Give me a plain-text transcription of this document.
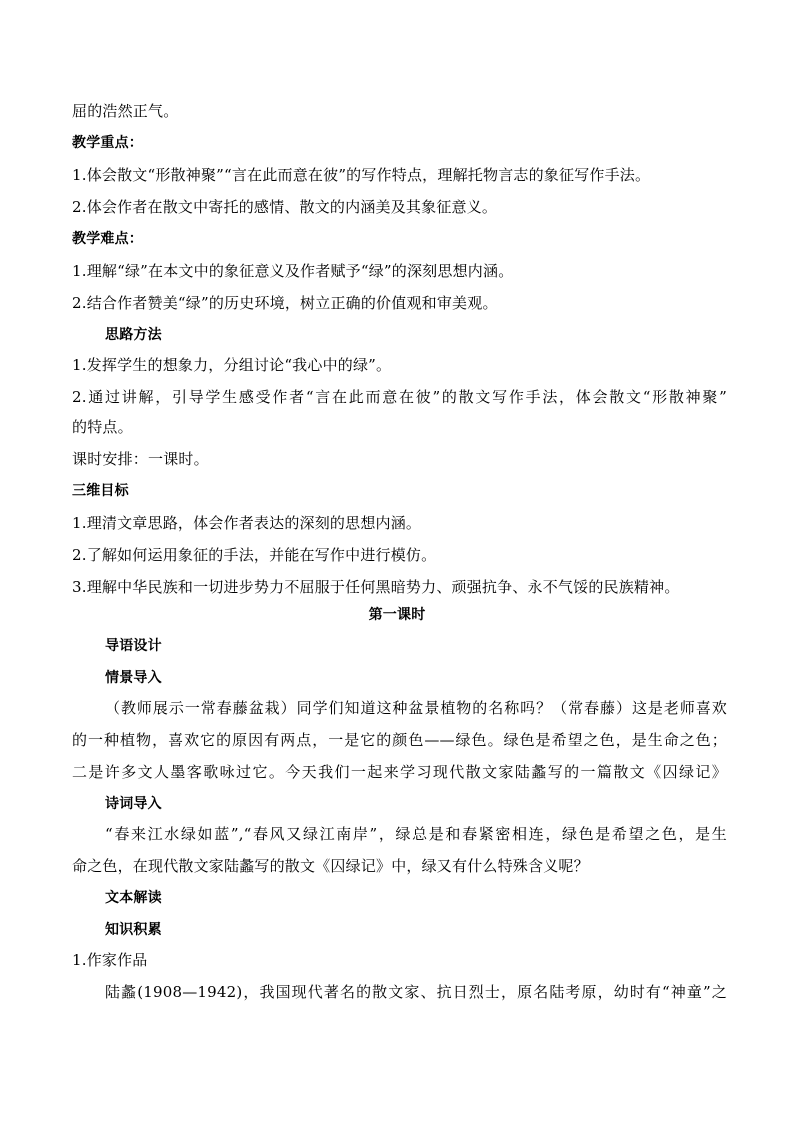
屈的浩然正气。
教学重点：
1.体会散文“形散神聚”“言在此而意在彼”的写作特点，理解托物言志的象征写作手法。
2.体会作者在散文中寄托的感情、散文的内涵美及其象征意义。
教学难点：
1.理解“绿”在本文中的象征意义及作者赋予“绿”的深刻思想内涵。
2.结合作者赞美“绿”的历史环境，树立正确的价值观和审美观。
思路方法
1.发挥学生的想象力，分组讨论“我心中的绿”。
2.通过讲解，引导学生感受作者“言在此而意在彼”的散文写作手法，体会散文“形散神聚”
的特点。
课时安排：一课时。
三维目标
1.理清文章思路，体会作者表达的深刻的思想内涵。
2.了解如何运用象征的手法，并能在写作中进行模仿。
3.理解中华民族和一切进步势力不屈服于任何黑暗势力、顽强抗争、永不气馁的民族精神。
第一课时
导语设计
情景导入
（教师展示一常春藤盆栽）同学们知道这种盆景植物的名称吗？（常春藤）这是老师喜欢
的一种植物，喜欢它的原因有两点，一是它的颜色——绿色。绿色是希望之色，是生命之色；
二是许多文人墨客歌咏过它。今天我们一起来学习现代散文家陆蠡写的一篇散文《囚绿记》
诗词导入
“春来江水绿如蓝”,“春风又绿江南岸”，绿总是和春紧密相连，绿色是希望之色，是生
命之色，在现代散文家陆蠡写的散文《囚绿记》中，绿又有什么特殊含义呢？
文本解读
知识积累
1.作家作品
陆蠡(1908—1942)，我国现代著名的散文家、抗日烈士，原名陆考原，幼时有“神童”之
